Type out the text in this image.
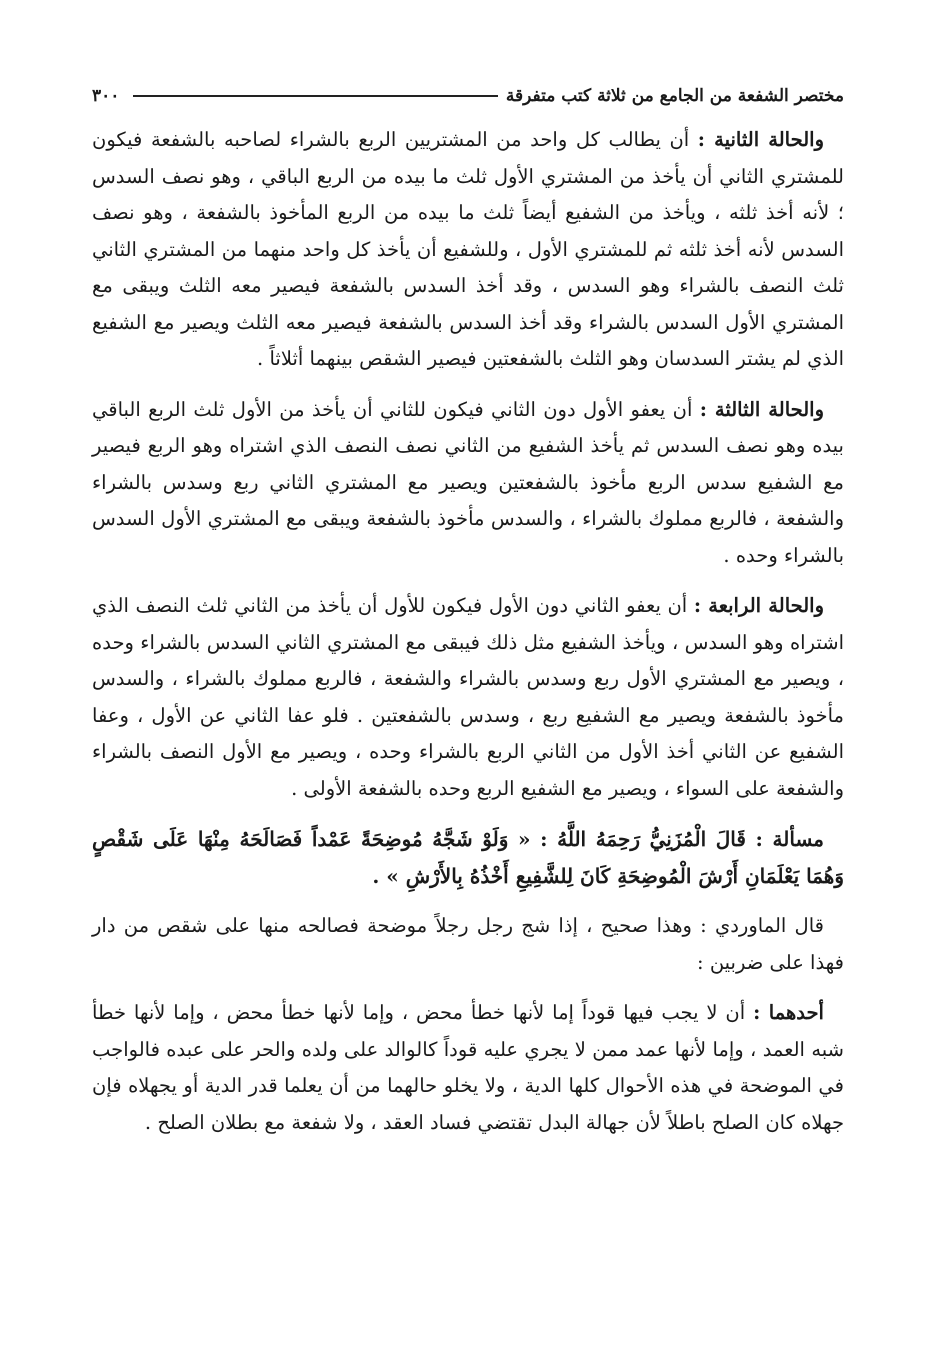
٣٠٠	مختصر الشفعة من الجامع من ثلاثة كتب متفرقة

والحالة الثانية : أن يطالب كل واحد من المشتريين الربع بالشراء لصاحبه بالشفعة فيكون للمشتري الثاني أن يأخذ من المشتري الأول ثلث ما بيده من الربع الباقي ، وهو نصف السدس ؛ لأنه أخذ ثلثه ، ويأخذ من الشفيع أيضاً ثلث ما بيده من الربع المأخوذ بالشفعة ، وهو نصف السدس لأنه أخذ ثلثه ثم للمشتري الأول ، وللشفيع أن يأخذ كل واحد منهما من المشتري الثاني ثلث النصف بالشراء وهو السدس ، وقد أخذ السدس بالشفعة فيصير معه الثلث ويبقى مع المشتري الأول السدس بالشراء وقد أخذ السدس بالشفعة فيصير معه الثلث ويصير مع الشفيع الذي لم يشتر السدسان وهو الثلث بالشفعتين فيصير الشقص بينهما أثلاثاً .

والحالة الثالثة : أن يعفو الأول دون الثاني فيكون للثاني أن يأخذ من الأول ثلث الربع الباقي بيده وهو نصف السدس ثم يأخذ الشفيع من الثاني نصف النصف الذي اشتراه وهو الربع فيصير مع الشفيع سدس الربع مأخوذ بالشفعتين ويصير مع المشتري الثاني ربع وسدس بالشراء والشفعة ، فالربع مملوك بالشراء ، والسدس مأخوذ بالشفعة ويبقى مع المشتري الأول السدس بالشراء وحده .

والحالة الرابعة : أن يعفو الثاني دون الأول فيكون للأول أن يأخذ من الثاني ثلث النصف الذي اشتراه وهو السدس ، ويأخذ الشفيع مثل ذلك فيبقى مع المشتري الثاني السدس بالشراء وحده ، ويصير مع المشتري الأول ربع وسدس بالشراء والشفعة ، فالربع مملوك بالشراء ، والسدس مأخوذ بالشفعة ويصير مع الشفيع ربع ، وسدس بالشفعتين . فلو عفا الثاني عن الأول ، وعفا الشفيع عن الثاني أخذ الأول من الثاني الربع بالشراء وحده ، ويصير مع الأول النصف بالشراء والشفعة على السواء ، ويصير مع الشفيع الربع وحده بالشفعة الأولى .

مسألة : قَالَ الْمُزَنِيُّ رَحِمَهُ اللَّهُ : « وَلَوْ شَجَّهُ مُوضِحَةً عَمْداً فَصَالَحَهُ مِنْهَا عَلَى شَقْصٍ وَهُمَا يَعْلَمَانِ أَرْشَ الْمُوضِحَةِ كَانَ لِلشَّفِيعِ أَخْذُهُ بِالأَرْشِ » .

قال الماوردي : وهذا صحيح ، إذا شج رجل رجلاً موضحة فصالحه منها على شقص من دار فهذا على ضربين :

أحدهما : أن لا يجب فيها قوداً إما لأنها خطأ محض ، وإما لأنها خطأ محض ، وإما لأنها خطأ شبه العمد ، وإما لأنها عمد ممن لا يجري عليه قوداً كالوالد على ولده والحر على عبده فالواجب في الموضحة في هذه الأحوال كلها الدية ، ولا يخلو حالهما من أن يعلما قدر الدية أو يجهلاه فإن جهلاه كان الصلح باطلاً لأن جهالة البدل تقتضي فساد العقد ، ولا شفعة مع بطلان الصلح .
